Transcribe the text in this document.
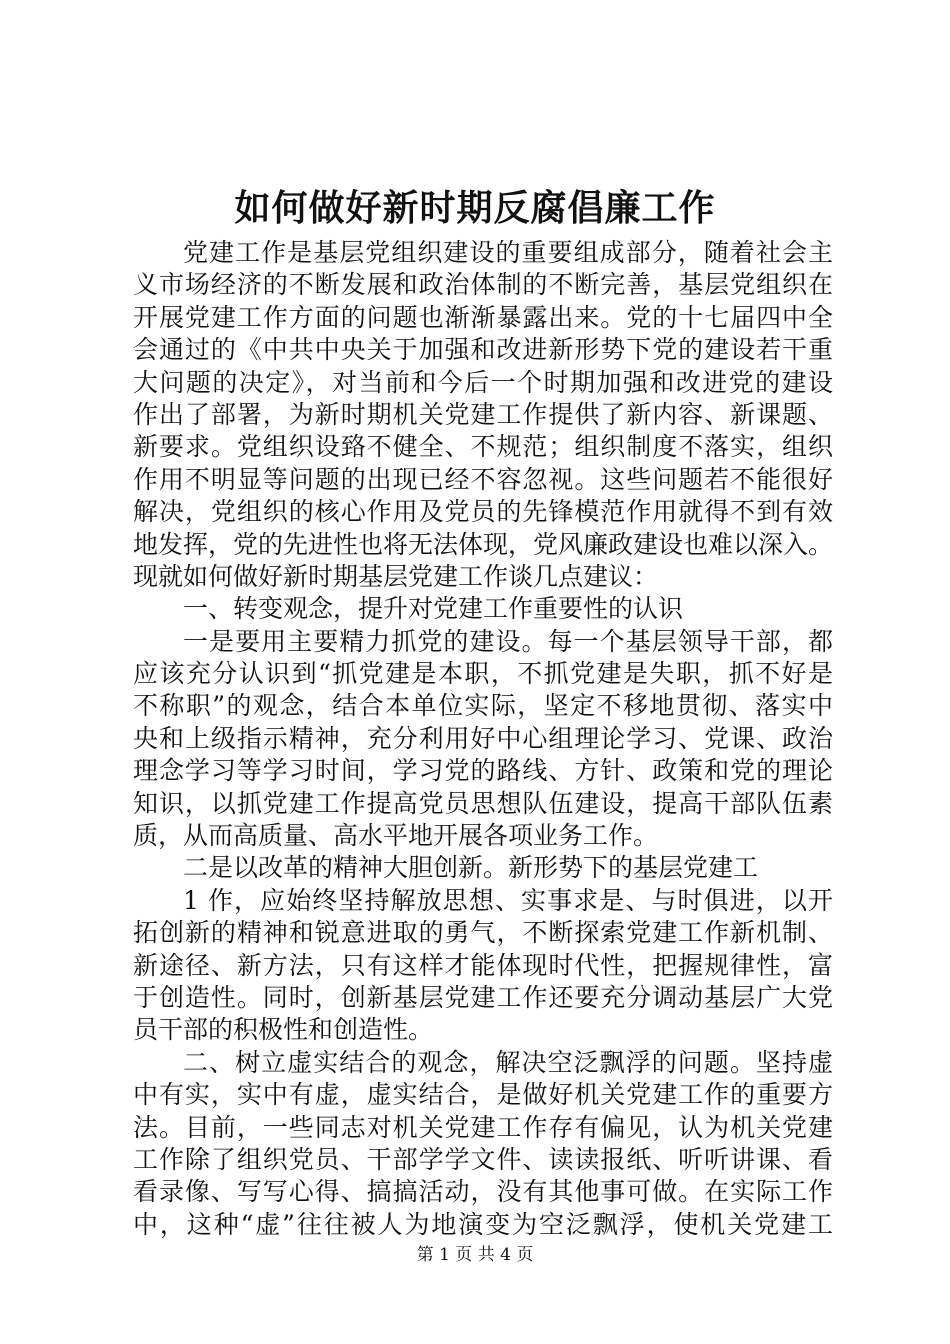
如何做好新时期反腐倡廉工作
党建工作是基层党组织建设的重要组成部分，随着社会主
义市场经济的不断发展和政治体制的不断完善，基层党组织在
开展党建工作方面的问题也渐渐暴露出来。党的十七届四中全
会通过的《中共中央关于加强和改进新形势下党的建设若干重
大问题的决定》，对当前和今后一个时期加强和改进党的建设
作出了部署，为新时期机关党建工作提供了新内容、新课题、
新要求。党组织设臵不健全、不规范；组织制度不落实，组织
作用不明显等问题的出现已经不容忽视。这些问题若不能很好
解决，党组织的核心作用及党员的先锋模范作用就得不到有效
地发挥，党的先进性也将无法体现，党风廉政建设也难以深入。
现就如何做好新时期基层党建工作谈几点建议：
一、转变观念，提升对党建工作重要性的认识
一是要用主要精力抓党的建设。每一个基层领导干部，都
应该充分认识到“抓党建是本职，不抓党建是失职，抓不好是
不称职”的观念，结合本单位实际，坚定不移地贯彻、落实中
央和上级指示精神，充分利用好中心组理论学习、党课、政治
理念学习等学习时间，学习党的路线、方针、政策和党的理论
知识，以抓党建工作提高党员思想队伍建设，提高干部队伍素
质，从而高质量、高水平地开展各项业务工作。
二是以改革的精神大胆创新。新形势下的基层党建工
1 作，应始终坚持解放思想、实事求是、与时俱进，以开
拓创新的精神和锐意进取的勇气，不断探索党建工作新机制、
新途径、新方法，只有这样才能体现时代性，把握规律性，富
于创造性。同时，创新基层党建工作还要充分调动基层广大党
员干部的积极性和创造性。
二、树立虚实结合的观念，解决空泛飘浮的问题。坚持虚
中有实，实中有虚，虚实结合，是做好机关党建工作的重要方
法。目前，一些同志对机关党建工作存有偏见，认为机关党建
工作除了组织党员、干部学学文件、读读报纸、听听讲课、看
看录像、写写心得、搞搞活动，没有其他事可做。在实际工作
中，这种“虚”往往被人为地演变为空泛飘浮，使机关党建工
第 1 页 共 4 页
